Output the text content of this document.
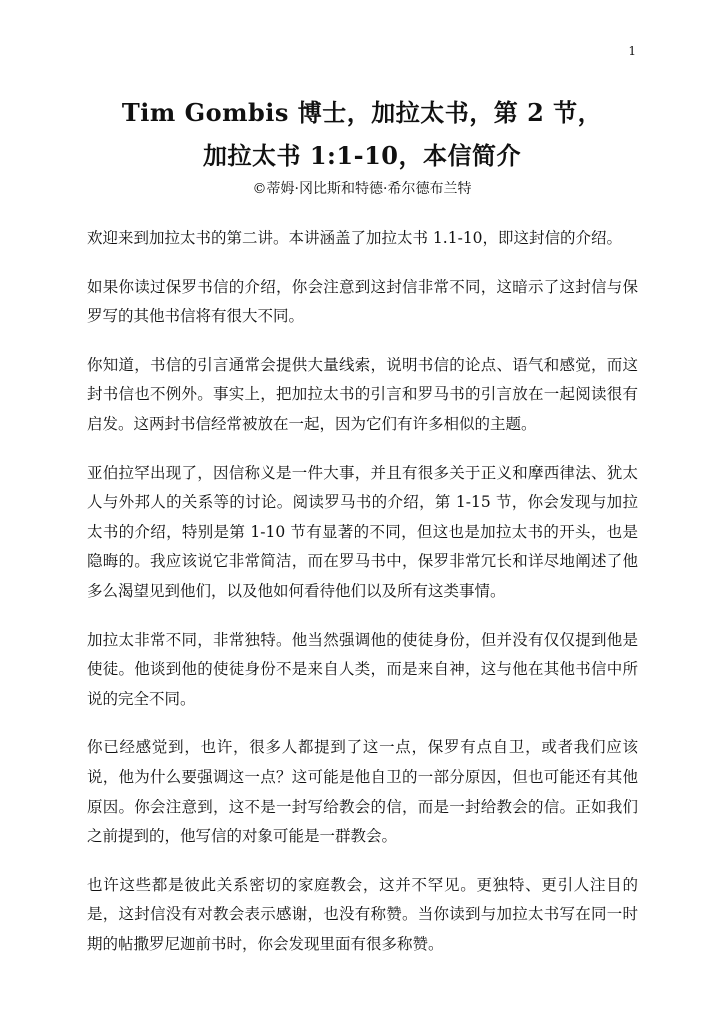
1
Tim Gombis 博士，加拉太书，第 2 节，
加拉太书 1:1-10，本信简介
©蒂姆·冈比斯和特德·希尔德布兰特

欢迎来到加拉太书的第二讲。本讲涵盖了加拉太书 1.1-10，即这封信的介绍。

如果你读过保罗书信的介绍，你会注意到这封信非常不同，这暗示了这封信与保罗写的其他书信将有很大不同。

你知道，书信的引言通常会提供大量线索，说明书信的论点、语气和感觉，而这封书信也不例外。事实上，把加拉太书的引言和罗马书的引言放在一起阅读很有启发。这两封书信经常被放在一起，因为它们有许多相似的主题。

亚伯拉罕出现了，因信称义是一件大事，并且有很多关于正义和摩西律法、犹太人与外邦人的关系等的讨论。阅读罗马书的介绍，第 1-15 节，你会发现与加拉太书的介绍，特别是第 1-10 节有显著的不同，但这也是加拉太书的开头，也是隐晦的。我应该说它非常简洁，而在罗马书中，保罗非常冗长和详尽地阐述了他多么渴望见到他们，以及他如何看待他们以及所有这类事情。

加拉太非常不同，非常独特。他当然强调他的使徒身份，但并没有仅仅提到他是使徒。他谈到他的使徒身份不是来自人类，而是来自神，这与他在其他书信中所说的完全不同。

你已经感觉到，也许，很多人都提到了这一点，保罗有点自卫，或者我们应该说，他为什么要强调这一点？这可能是他自卫的一部分原因，但也可能还有其他原因。你会注意到，这不是一封写给教会的信，而是一封给教会的信。正如我们之前提到的，他写信的对象可能是一群教会。

也许这些都是彼此关系密切的家庭教会，这并不罕见。更独特、更引人注目的是，这封信没有对教会表示感谢，也没有称赞。当你读到与加拉太书写在同一时期的帖撒罗尼迦前书时，你会发现里面有很多称赞。
